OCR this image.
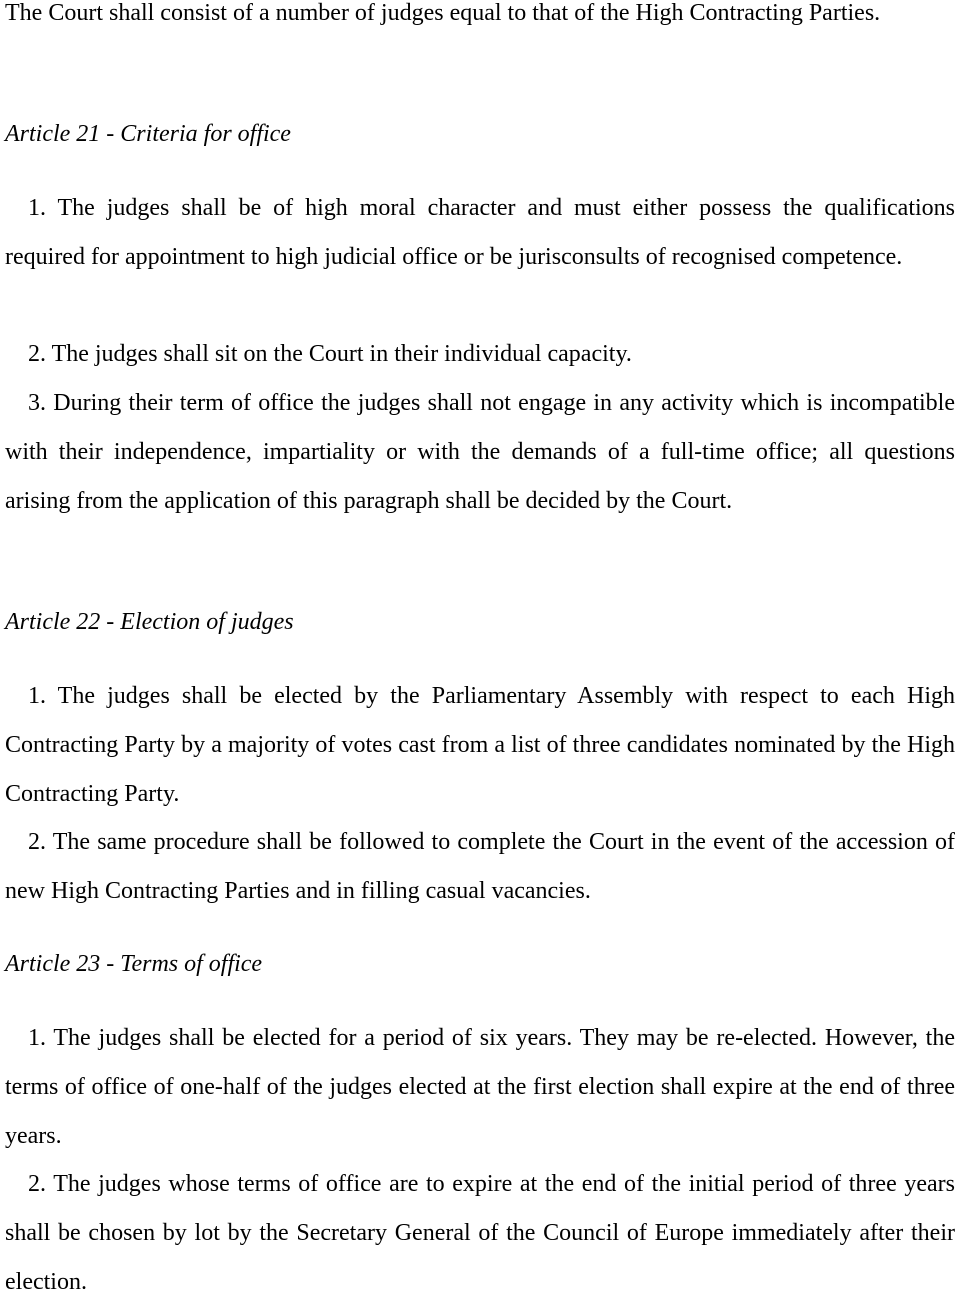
The Court shall consist of a number of judges equal to that of the High Contracting Parties.

Article 21 - Criteria for office

1. The judges shall be of high moral character and must either possess the qualifications required for appointment to high judicial office or be jurisconsults of recognised competence.

2. The judges shall sit on the Court in their individual capacity.

3. During their term of office the judges shall not engage in any activity which is incompatible with their independence, impartiality or with the demands of a full-time office; all questions arising from the application of this paragraph shall be decided by the Court.

Article 22 - Election of judges

1. The judges shall be elected by the Parliamentary Assembly with respect to each High Contracting Party by a majority of votes cast from a list of three candidates nominated by the High Contracting Party.

2. The same procedure shall be followed to complete the Court in the event of the accession of new High Contracting Parties and in filling casual vacancies.

Article 23 - Terms of office

1. The judges shall be elected for a period of six years. They may be re-elected. However, the terms of office of one-half of the judges elected at the first election shall expire at the end of three years.

2. The judges whose terms of office are to expire at the end of the initial period of three years shall be chosen by lot by the Secretary General of the Council of Europe immediately after their election.
